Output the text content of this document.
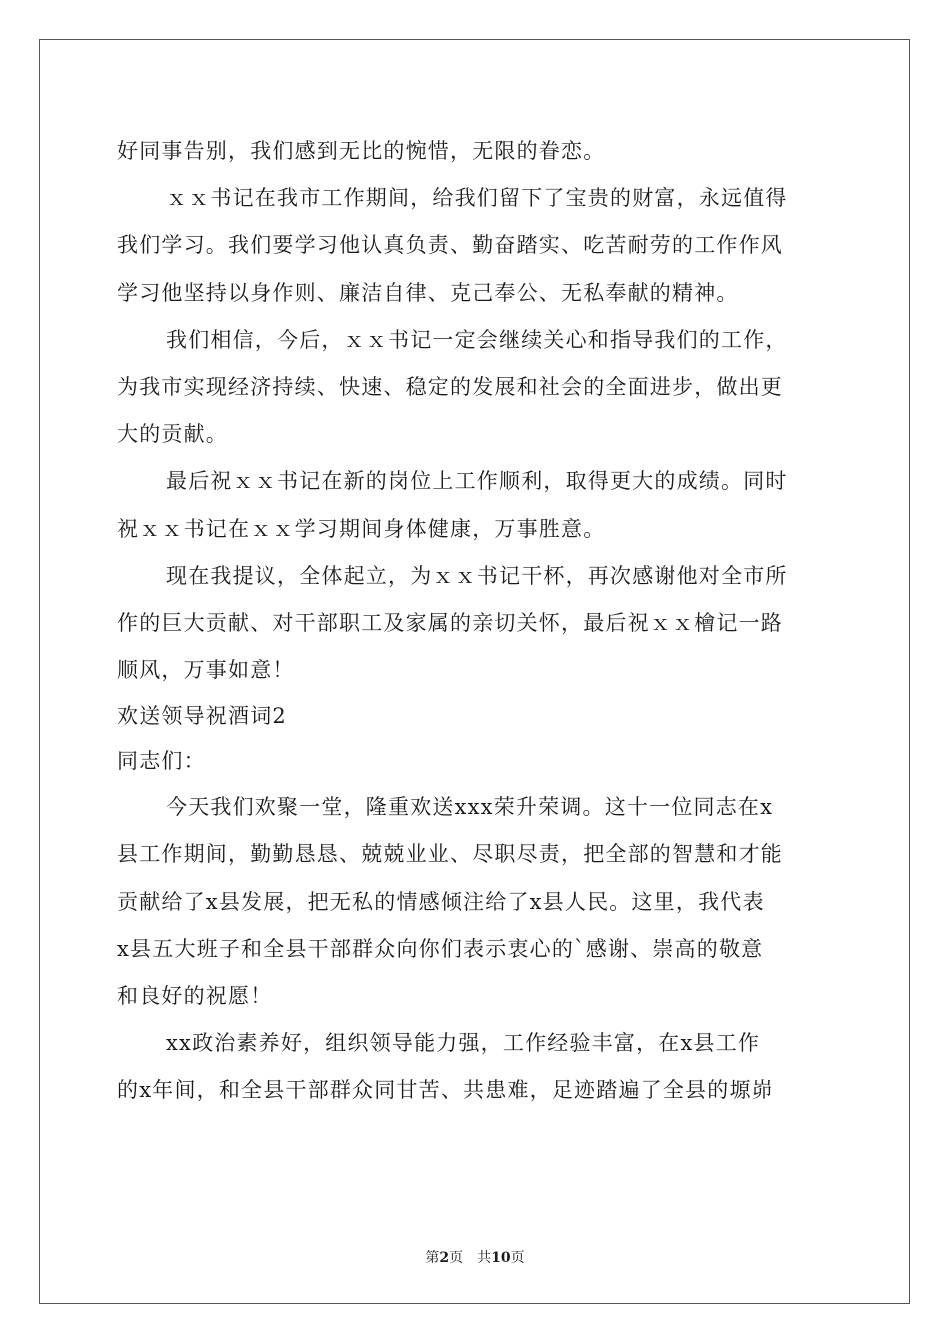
好同事告别，我们感到无比的惋惜，无限的眷恋。
ｘｘ书记在我市工作期间，给我们留下了宝贵的财富，永远值得
我们学习。我们要学习他认真负责、勤奋踏实、吃苦耐劳的工作作风
学习他坚持以身作则、廉洁自律、克己奉公、无私奉献的精神。
我们相信，今后，ｘｘ书记一定会继续关心和指导我们的工作，
为我市实现经济持续、快速、稳定的发展和社会的全面进步，做出更
大的贡献。
最后祝ｘｘ书记在新的岗位上工作顺利，取得更大的成绩。同时
祝ｘｘ书记在ｘｘ学习期间身体健康，万事胜意。
现在我提议，全体起立，为ｘｘ书记干杯，再次感谢他对全市所
作的巨大贡献、对干部职工及家属的亲切关怀，最后祝ｘｘ檜记一路
顺风，万事如意！
欢送领导祝酒词2
同志们：
今天我们欢聚一堂，隆重欢送xxx荣升荣调。这十一位同志在x
县工作期间，勤勤恳恳、兢兢业业、尽职尽责，把全部的智慧和才能
贡献给了x县发展，把无私的情感倾注给了x县人民。这里，我代表
x县五大班子和全县干部群众向你们表示衷心的`感谢、崇高的敬意
和良好的祝愿！
xx政治素养好，组织领导能力强，工作经验丰富，在x县工作
的x年间，和全县干部群众同甘苦、共患难，足迹踏遍了全县的塬峁
第2页 共10页
